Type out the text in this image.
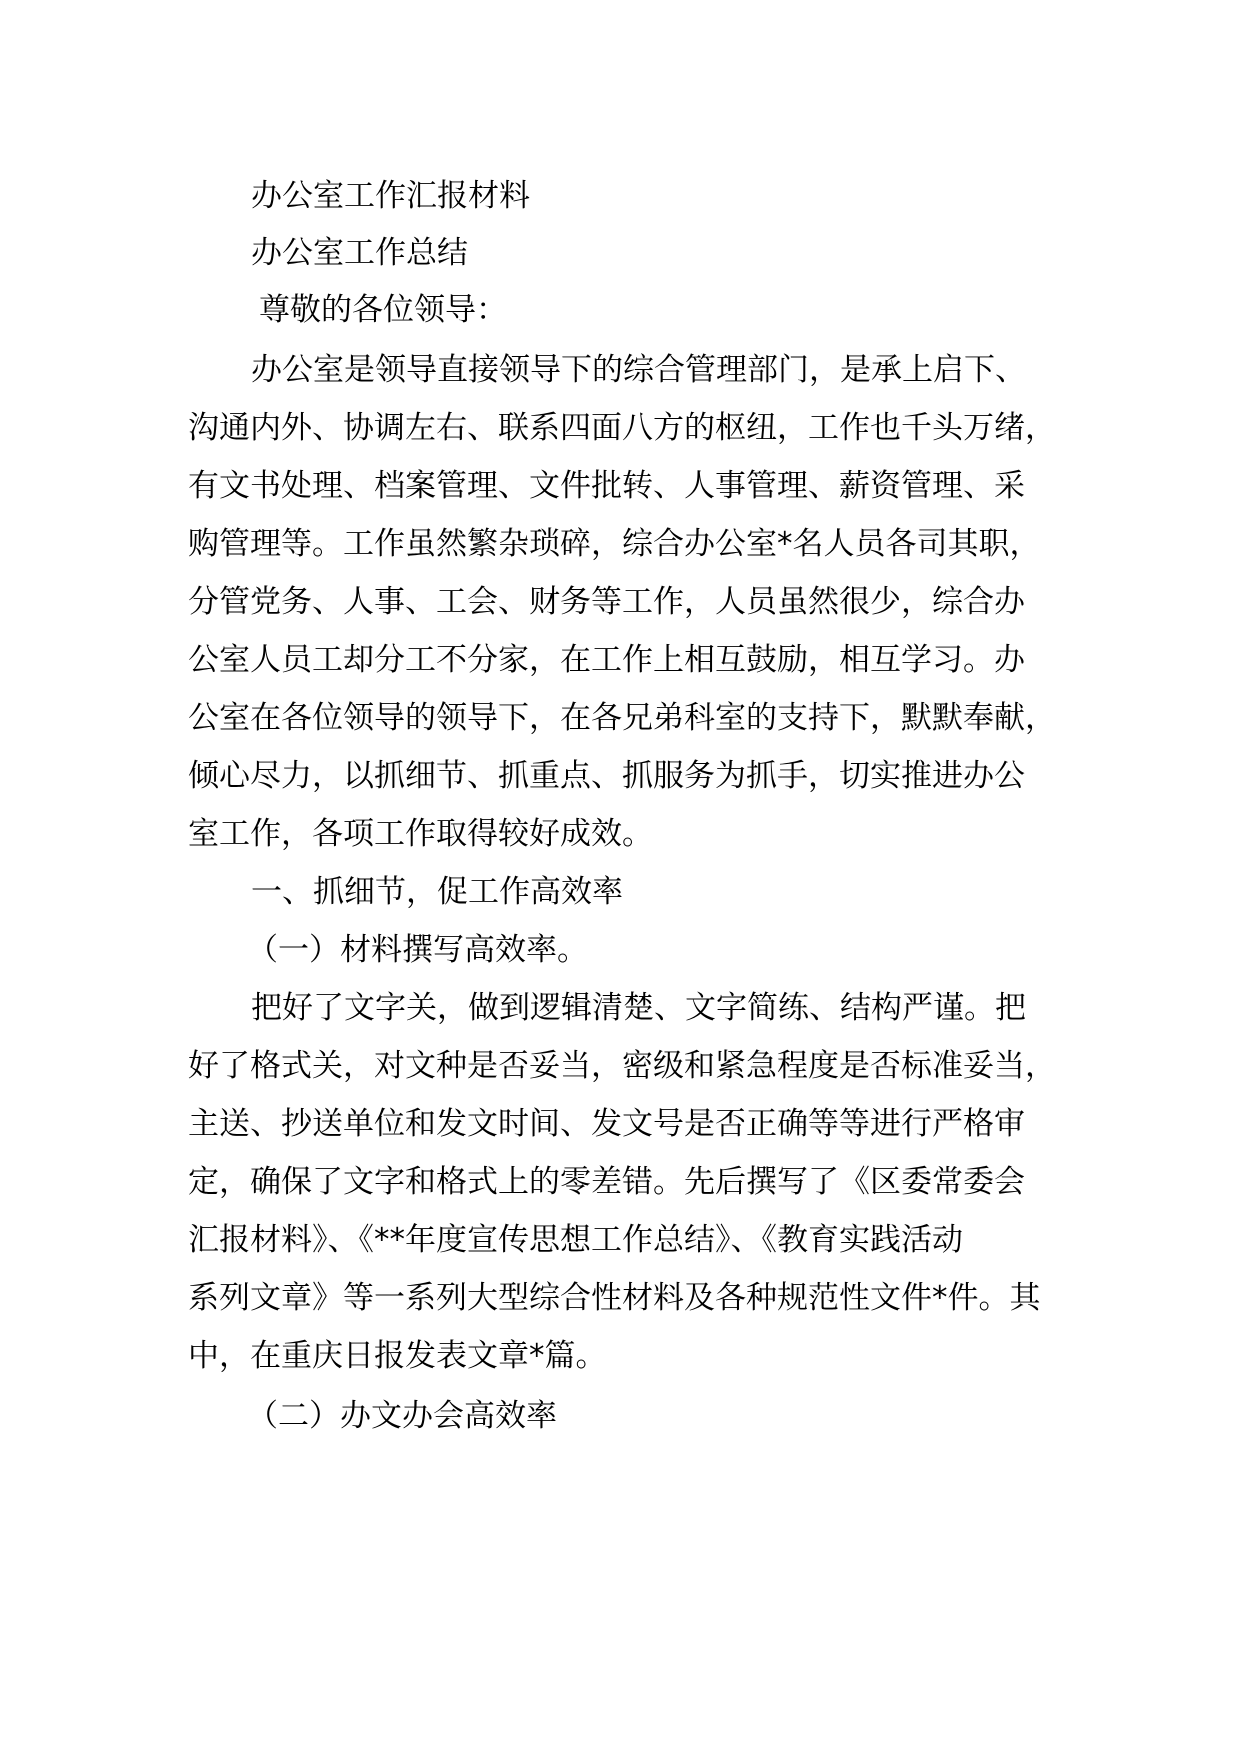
办公室工作汇报材料
办公室工作总结
尊敬的各位领导：
办公室是领导直接领导下的综合管理部门，是承上启下、
沟通内外、协调左右、联系四面八方的枢纽，工作也千头万绪，
有文书处理、档案管理、文件批转、人事管理、薪资管理、采
购管理等。工作虽然繁杂琐碎，综合办公室*名人员各司其职，
分管党务、人事、工会、财务等工作，人员虽然很少，综合办
公室人员工却分工不分家，在工作上相互鼓励，相互学习。办
公室在各位领导的领导下，在各兄弟科室的支持下，默默奉献，
倾心尽力，以抓细节、抓重点、抓服务为抓手，切实推进办公
室工作，各项工作取得较好成效。
一、抓细节，促工作高效率
（一）材料撰写高效率。
把好了文字关，做到逻辑清楚、文字简练、结构严谨。把
好了格式关，对文种是否妥当，密级和紧急程度是否标准妥当，
主送、抄送单位和发文时间、发文号是否正确等等进行严格审
定，确保了文字和格式上的零差错。先后撰写了《区委常委会
汇报材料》、《**年度宣传思想工作总结》、《教育实践活动
系列文章》等一系列大型综合性材料及各种规范性文件*件。其
中，在重庆日报发表文章*篇。
（二）办文办会高效率
